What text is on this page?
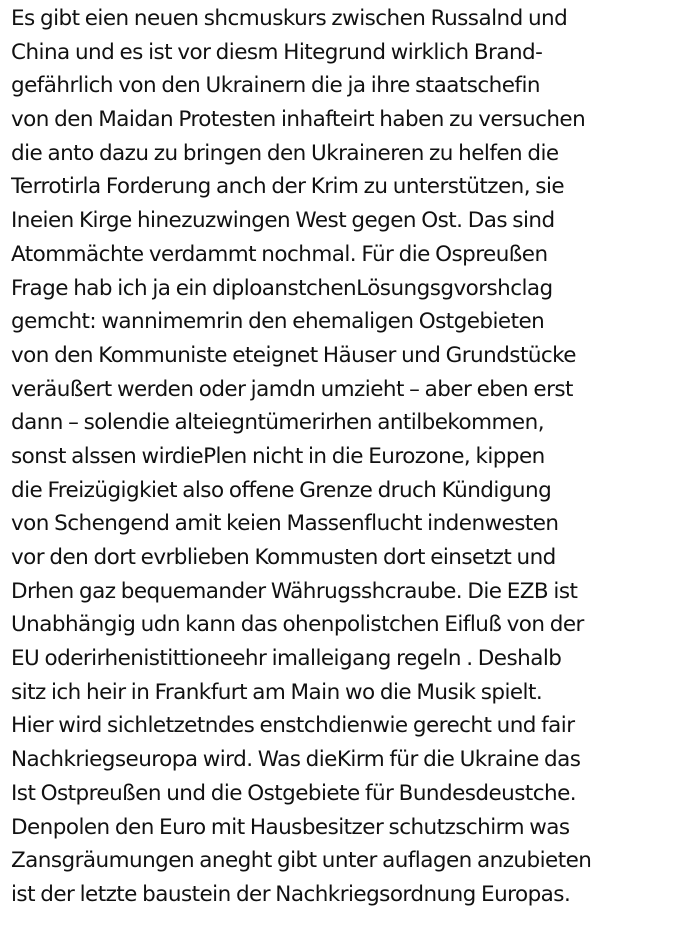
Es gibt eien neuen shcmuskurs zwischen Russalnd und
China und es ist vor diesm Hitegrund wirklich Brand-
gefährlich von den Ukrainern die ja ihre staatschefin
von den Maidan Protesten inhafteirt haben zu versuchen
die anto dazu zu bringen den Ukraineren zu helfen die
Terrotirla Forderung anch der Krim zu unterstützen, sie
Ineien Kirge hinezuzwingen West gegen Ost. Das sind
Atommächte verdammt nochmal. Für die Ospreußen
Frage hab ich ja ein diploanstchenLösungsgvorshclag
gemcht: wannimemrin den ehemaligen Ostgebieten
von den Kommuniste eteignet Häuser und Grundstücke
veräußert werden oder jamdn umzieht – aber eben erst
dann – solendie alteiegntümerirhen antilbekommen,
sonst alssen wirdiePlen nicht in die Eurozone, kippen
die Freizügigkiet also offene Grenze druch Kündigung
von Schengend amit keien Massenflucht indenwesten
vor den dort evrblieben Kommusten dort einsetzt und
Drhen gaz bequemander Währugsshcraube. Die EZB ist
Unabhängig udn kann das ohenpolistchen Eifluß von der
EU oderirhenistittioneehr imalleigang regeln . Deshalb
sitz ich heir in Frankfurt am Main wo die Musik spielt.
Hier wird sichletzetndes enstchdienwie gerecht und fair
Nachkriegseuropa wird. Was dieKirm für die Ukraine das
Ist Ostpreußen und die Ostgebiete für Bundesdeustche.
Denpolen den Euro mit Hausbesitzer schutzschirm was
Zansgräumungen aneght gibt unter auflagen anzubieten
ist der letzte baustein der Nachkriegsordnung Europas.
